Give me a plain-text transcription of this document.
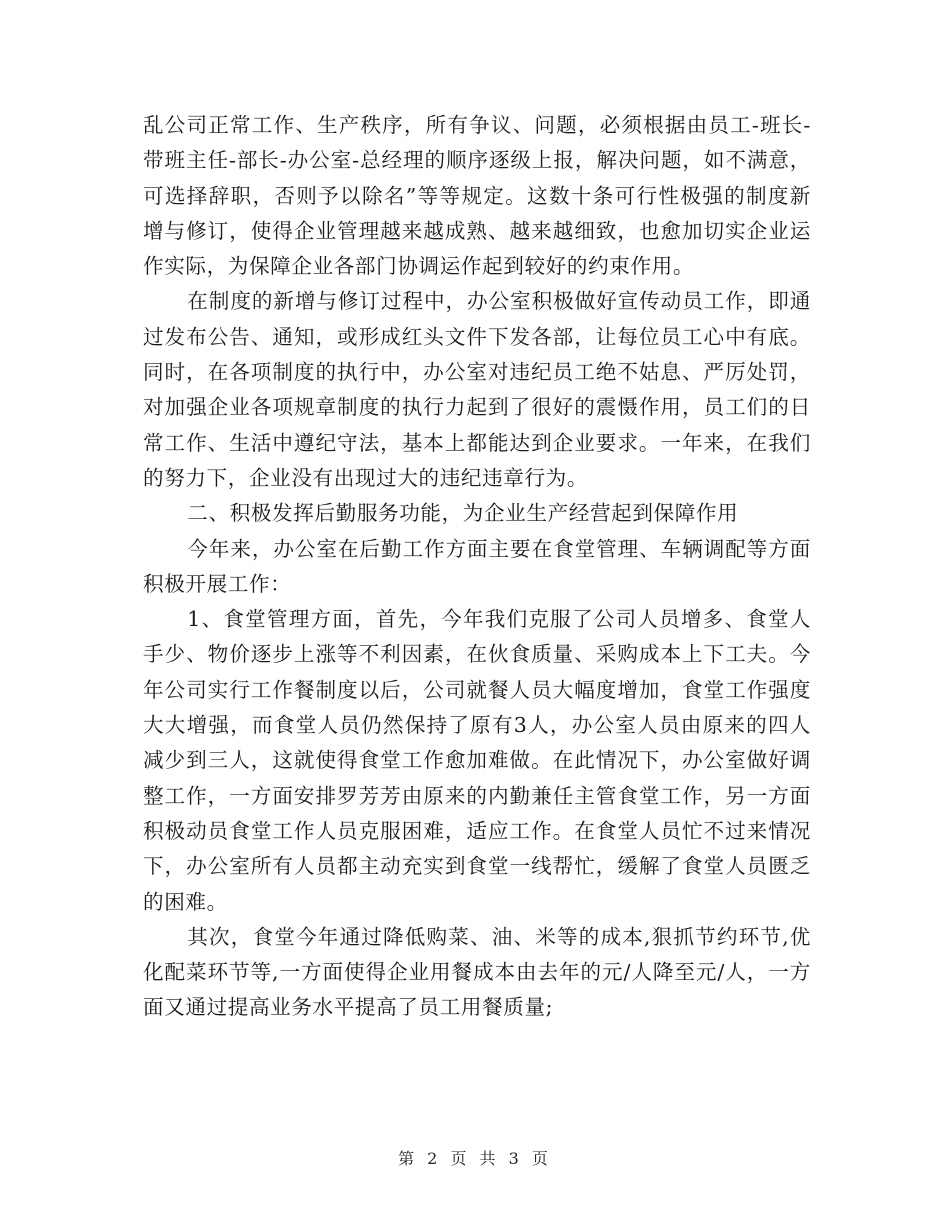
乱公司正常工作、生产秩序，所有争议、问题，必须根据由员工-班长-带班主任-部长-办公室-总经理的顺序逐级上报，解决问题，如不满意，可选择辞职，否则予以除名”等等规定。这数十条可行性极强的制度新增与修订，使得企业管理越来越成熟、越来越细致，也愈加切实企业运作实际，为保障企业各部门协调运作起到较好的约束作用。

在制度的新增与修订过程中，办公室积极做好宣传动员工作，即通过发布公告、通知，或形成红头文件下发各部，让每位员工心中有底。同时，在各项制度的执行中，办公室对违纪员工绝不姑息、严厉处罚，对加强企业各项规章制度的执行力起到了很好的震慑作用，员工们的日常工作、生活中遵纪守法，基本上都能达到企业要求。一年来，在我们的努力下，企业没有出现过大的违纪违章行为。

二、积极发挥后勤服务功能，为企业生产经营起到保障作用

今年来，办公室在后勤工作方面主要在食堂管理、车辆调配等方面积极开展工作：

1、食堂管理方面，首先，今年我们克服了公司人员增多、食堂人手少、物价逐步上涨等不利因素，在伙食质量、采购成本上下工夫。今年公司实行工作餐制度以后，公司就餐人员大幅度增加，食堂工作强度大大增强，而食堂人员仍然保持了原有3人，办公室人员由原来的四人减少到三人，这就使得食堂工作愈加难做。在此情况下，办公室做好调整工作，一方面安排罗芳芳由原来的内勤兼任主管食堂工作，另一方面积极动员食堂工作人员克服困难，适应工作。在食堂人员忙不过来情况下，办公室所有人员都主动充实到食堂一线帮忙，缓解了食堂人员匮乏的困难。

其次，食堂今年通过降低购菜、油、米等的成本,狠抓节约环节,优化配菜环节等,一方面使得企业用餐成本由去年的元/人降至元/人，一方面又通过提高业务水平提高了员工用餐质量;

第 2 页 共 3 页
